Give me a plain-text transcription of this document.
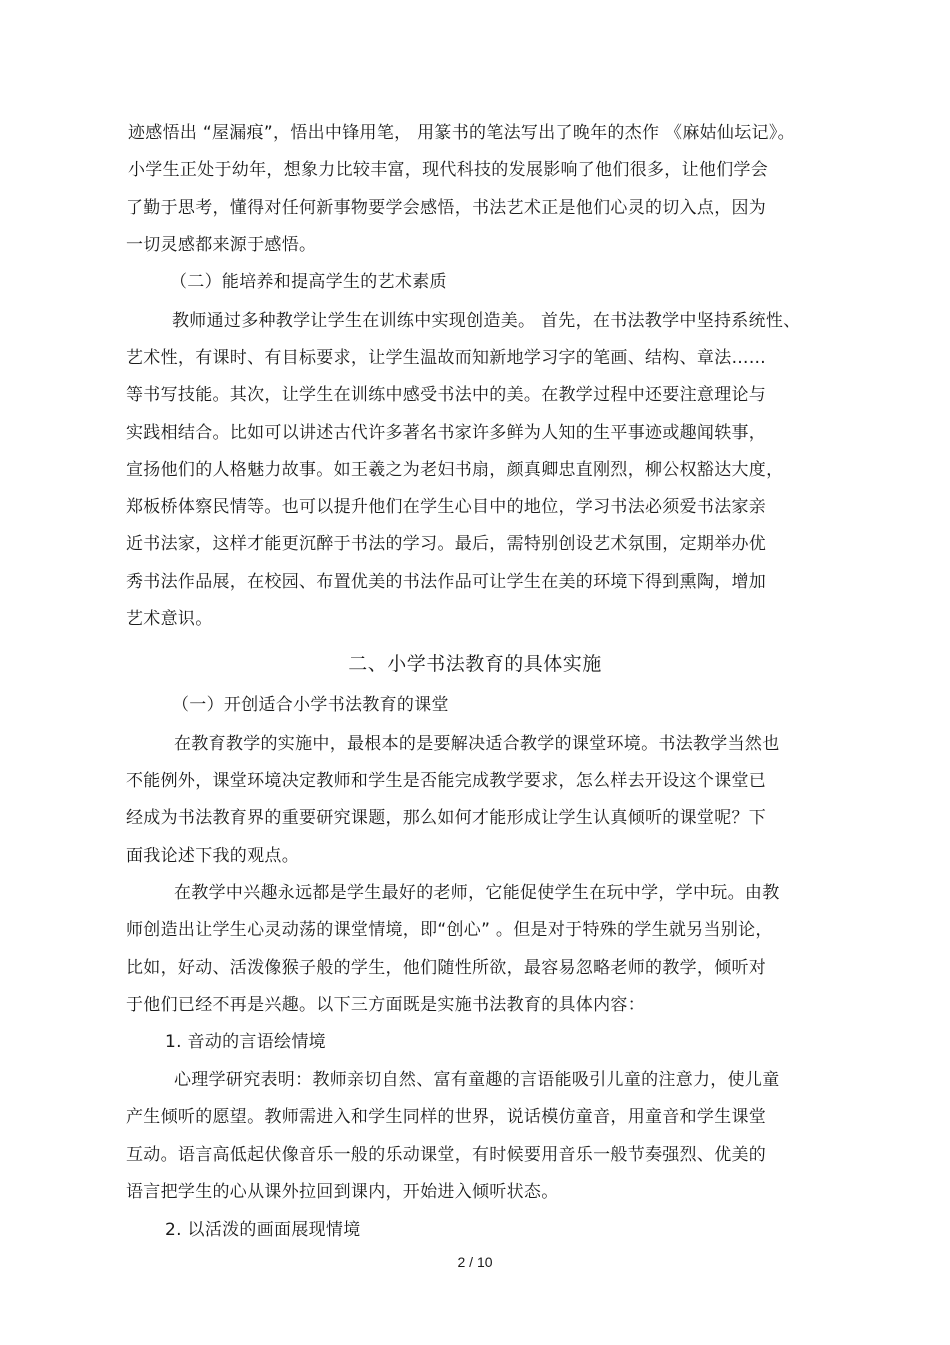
迹感悟出 “屋漏痕”，悟出中锋用笔， 用篆书的笔法写出了晚年的杰作 《麻姑仙坛记》。
小学生正处于幼年，想象力比较丰富，现代科技的发展影响了他们很多，让他们学会
了勤于思考，懂得对任何新事物要学会感悟，书法艺术正是他们心灵的切入点，因为
一切灵感都来源于感悟。
（二）能培养和提高学生的艺术素质
教师通过多种教学让学生在训练中实现创造美。 首先，在书法教学中坚持系统性、
艺术性，有课时、有目标要求，让学生温故而知新地学习字的笔画、结构、章法……
等书写技能。其次，让学生在训练中感受书法中的美。在教学过程中还要注意理论与
实践相结合。比如可以讲述古代许多著名书家许多鲜为人知的生平事迹或趣闻轶事，
宣扬他们的人格魅力故事。如王羲之为老妇书扇，颜真卿忠直刚烈，柳公权豁达大度，
郑板桥体察民情等。也可以提升他们在学生心目中的地位，学习书法必须爱书法家亲
近书法家，这样才能更沉醉于书法的学习。最后，需特别创设艺术氛围，定期举办优
秀书法作品展，在校园、布置优美的书法作品可让学生在美的环境下得到熏陶，增加
艺术意识。
二、小学书法教育的具体实施
（一）开创适合小学书法教育的课堂
在教育教学的实施中，最根本的是要解决适合教学的课堂环境。书法教学当然也
不能例外，课堂环境决定教师和学生是否能完成教学要求，怎么样去开设这个课堂已
经成为书法教育界的重要研究课题，那么如何才能形成让学生认真倾听的课堂呢？下
面我论述下我的观点。
在教学中兴趣永远都是学生最好的老师，它能促使学生在玩中学，学中玩。由教
师创造出让学生心灵动荡的课堂情境，即“创心” 。但是对于特殊的学生就另当别论，
比如，好动、活泼像猴子般的学生，他们随性所欲，最容易忽略老师的教学，倾听对
于他们已经不再是兴趣。以下三方面既是实施书法教育的具体内容：
1. 音动的言语绘情境
心理学研究表明：教师亲切自然、富有童趣的言语能吸引儿童的注意力，使儿童
产生倾听的愿望。教师需进入和学生同样的世界，说话模仿童音，用童音和学生课堂
互动。语言高低起伏像音乐一般的乐动课堂，有时候要用音乐一般节奏强烈、优美的
语言把学生的心从课外拉回到课内，开始进入倾听状态。
2. 以活泼的画面展现情境
2 / 10
